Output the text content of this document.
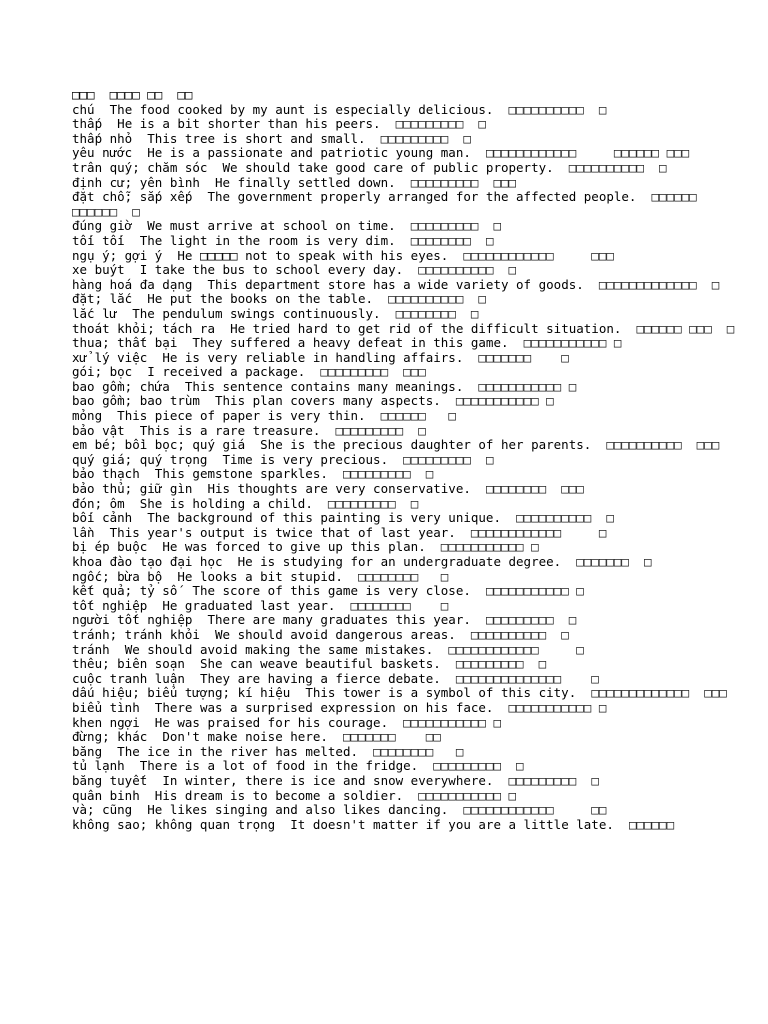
□□□  □□□□ □□  □□
chú The food cooked by my aunt is especially delicious. □□□□□□□□□□  □
thấp He is a bit shorter than his peers. □□□□□□□□□  □
thấp nhỏ This tree is short and small. □□□□□□□□□  □
yêu nước He is a passionate and patriotic young man. □□□□□□□□□□□□     □□□□□□ □□□
trân quý; chăm sóc We should take good care of public property. □□□□□□□□□□  □
định cư; yên bình He finally settled down. □□□□□□□□□  □□□
đặt chỗ; sắp xếp The government properly arranged for the affected people. □□□□□□ □□□□□□  □
đúng giờ We must arrive at school on time. □□□□□□□□□  □
tối tối The light in the room is very dim. □□□□□□□□  □
ngụ ý; gợi ý He □□□□□ not to speak with his eyes. □□□□□□□□□□□□     □□□
xe buýt I take the bus to school every day. □□□□□□□□□□  □
hàng hoá đa dạng This department store has a wide variety of goods. □□□□□□□□□□□□□  □
đặt; lắc He put the books on the table. □□□□□□□□□□  □
lắc lư The pendulum swings continuously. □□□□□□□□  □
thoát khỏi; tách ra He tried hard to get rid of the difficult situation. □□□□□□ □□□  □
thua; thất bại They suffered a heavy defeat in this game. □□□□□□□□□□□ □
xử lý việc He is very reliable in handling affairs. □□□□□□□    □
gói; bọc I received a package. □□□□□□□□□  □□□
bao gồm; chứa This sentence contains many meanings. □□□□□□□□□□□ □
bao gồm; bao trùm This plan covers many aspects. □□□□□□□□□□□ □
mỏng This piece of paper is very thin. □□□□□□   □
bảo vật This is a rare treasure. □□□□□□□□□  □
em bé; bồi bọc; quý giá She is the precious daughter of her parents. □□□□□□□□□□  □□□
quý giá; quý trọng Time is very precious. □□□□□□□□□  □
bảo thạch This gemstone sparkles. □□□□□□□□□  □
bảo thủ; giữ gìn His thoughts are very conservative. □□□□□□□□  □□□
đón; ôm She is holding a child. □□□□□□□□□  □
bối cảnh The background of this painting is very unique. □□□□□□□□□□  □
lần This year's output is twice that of last year. □□□□□□□□□□□□     □
bị ép buộc He was forced to give up this plan. □□□□□□□□□□□ □
khoa đào tạo đại học He is studying for an undergraduate degree. □□□□□□□  □
ngốc; bừa bộ He looks a bit stupid. □□□□□□□□   □
kết quả; tỷ số The score of this game is very close. □□□□□□□□□□□ □
tốt nghiệp He graduated last year. □□□□□□□□    □
người tốt nghiệp There are many graduates this year. □□□□□□□□□  □
tránh; tránh khỏi We should avoid dangerous areas. □□□□□□□□□□  □
tránh We should avoid making the same mistakes. □□□□□□□□□□□□     □
thêu; biên soạn She can weave beautiful baskets. □□□□□□□□□  □
cuộc tranh luận They are having a fierce debate. □□□□□□□□□□□□□□    □
dấu hiệu; biểu tượng; kí hiệu This tower is a symbol of this city. □□□□□□□□□□□□□  □□□
biểu tình There was a surprised expression on his face. □□□□□□□□□□□ □
khen ngợi He was praised for his courage. □□□□□□□□□□□ □
đừng; khác Don't make noise here. □□□□□□□    □□
băng The ice in the river has melted. □□□□□□□□   □
tủ lạnh There is a lot of food in the fridge. □□□□□□□□□  □
băng tuyết In winter, there is ice and snow everywhere. □□□□□□□□□  □
quân binh His dream is to become a soldier. □□□□□□□□□□□ □
và; cũng He likes singing and also likes dancing. □□□□□□□□□□□□     □□
không sao; không quan trọng It doesn't matter if you are a little late. □□□□□□
